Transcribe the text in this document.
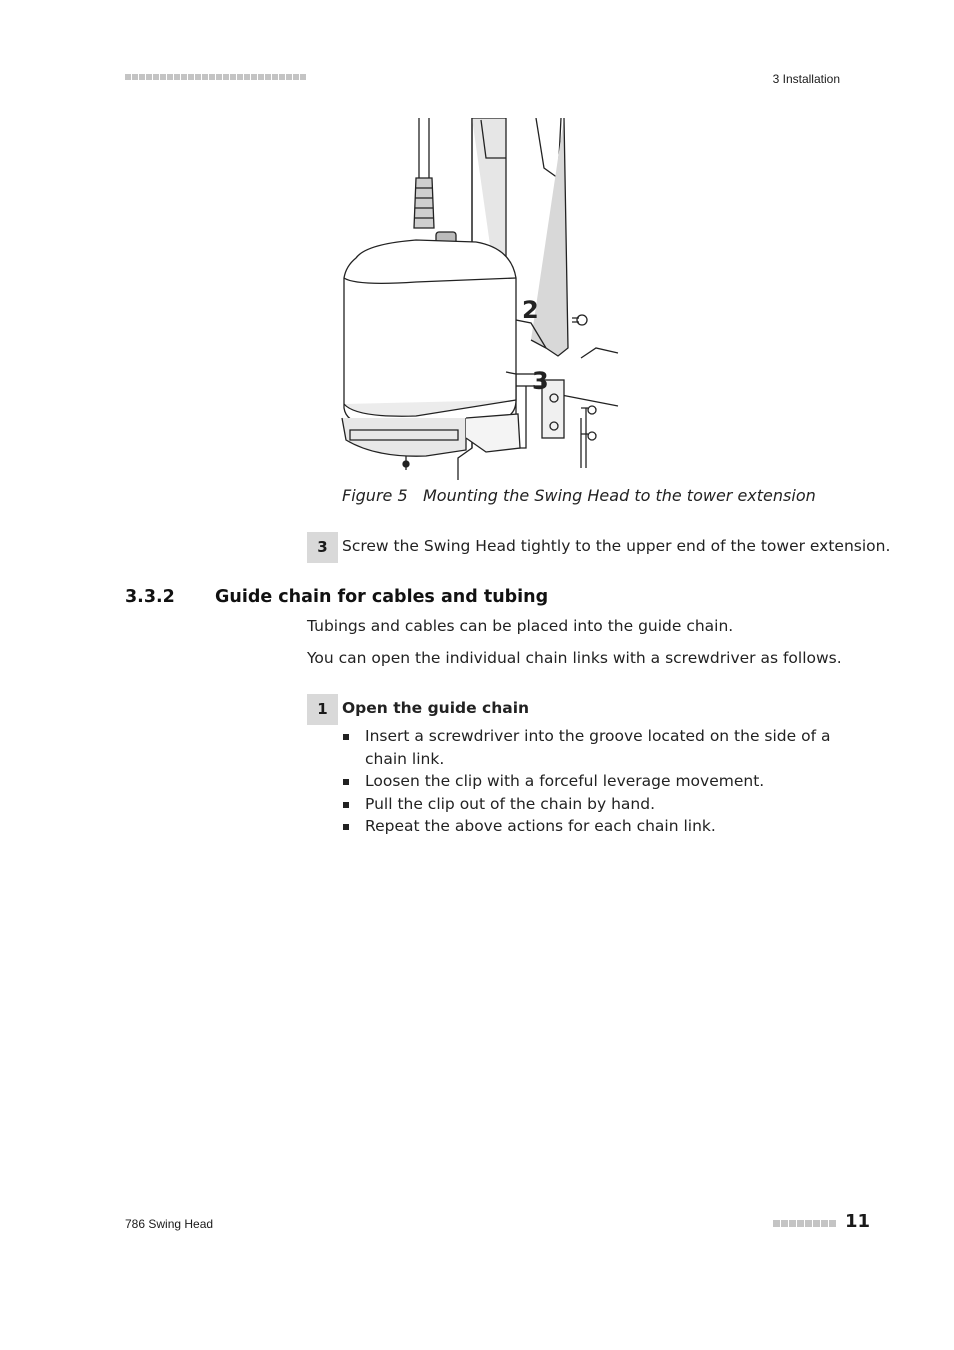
3 Installation
2
3
Figure 5 Mounting the Swing Head to the tower extension
3 Screw the Swing Head tightly to the upper end of the tower extension.
3.3.2 Guide chain for cables and tubing
Tubings and cables can be placed into the guide chain.
You can open the individual chain links with a screwdriver as follows.
1 Open the guide chain
Insert a screwdriver into the groove located on the side of a chain link.
Loosen the clip with a forceful leverage movement.
Pull the clip out of the chain by hand.
Repeat the above actions for each chain link.
786 Swing Head	11
